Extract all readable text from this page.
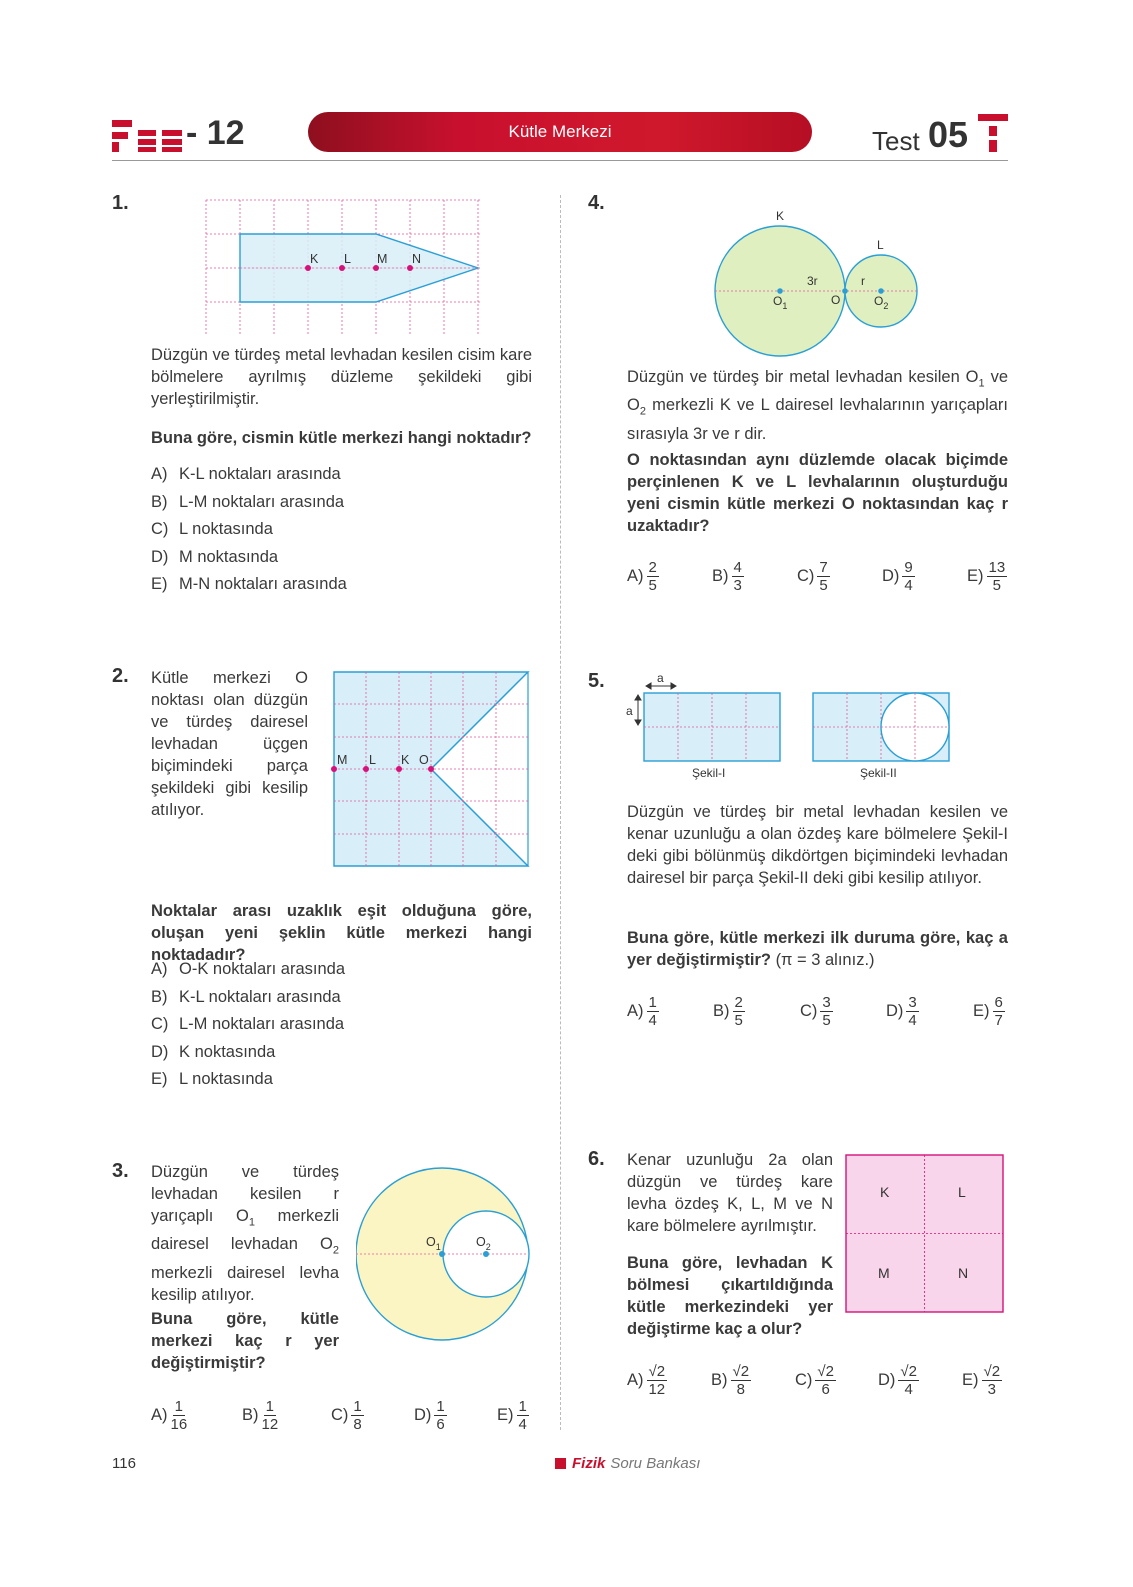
- 12	Kütle Merkezi	Test 05
1.
K L M N
Düzgün ve türdeş metal levhadan kesilen cisim kare bölmelere ayrılmış düzleme şekildeki gibi yerleştirilmiştir.
Buna göre, cismin kütle merkezi hangi noktadır?
A) K-L noktaları arasında
B) L-M noktaları arasında
C) L noktasında
D) M noktasında
E) M-N noktaları arasında
2. Kütle merkezi O noktası olan düzgün ve türdeş dairesel levhadan üçgen biçimindeki parça şekildeki gibi kesilip atılıyor.
M L K O
Noktalar arası uzaklık eşit olduğuna göre, oluşan yeni şeklin kütle merkezi hangi noktadadır?
A) O-K noktaları arasında
B) K-L noktaları arasında
C) L-M noktaları arasında
D) K noktasında
E) L noktasında
3. Düzgün ve türdeş levhadan kesilen r yarıçaplı $O_1$ merkezli dairesel levhadan $O_2$ merkezli dairesel levha kesilip atılıyor.
Buna göre, kütle merkezi kaç r yer değiştirmiştir?
$O_1$	$O_2$
A) 1
16
B) 1
12
C) 1
8
D) 1
6
E) 1
4
4.
K
L
3r	r
O
$O_1$	$O_2$
Düzgün ve türdeş bir metal levhadan kesilen $O_1$ ve $O_2$ merkezli K ve L dairesel levhalarının yarıçapları sırasıyla 3r ve r dir.
O noktasından aynı düzlemde olacak biçimde perçinlenen K ve L levhalarının oluşturduğu yeni cismin kütle merkezi O noktasından kaç r uzaktadır?
A) 2
5
B) 4
3
C) 7
5
D) 9
4
E) 13
5
5.	a
a
Şekil-I	Şekil-II
Düzgün ve türdeş bir metal levhadan kesilen ve kenar uzunluğu a olan özdeş kare bölmelere Şekil-I deki gibi bölünmüş dikdörtgen biçimindeki levhadan dairesel bir parça Şekil-II deki gibi kesilip atılıyor.
Buna göre, kütle merkezi ilk duruma göre, kaç a yer değiştirmiştir? (π = 3 alınız.)
A) 1
4
B) 2
5
C) 3
5
D) 3
4
E) 6
7
6. Kenar uzunluğu 2a olan düzgün ve türdeş kare levha özdeş K, L, M ve N kare bölmelere ayrılmıştır.
Buna göre, levhadan K bölmesi çıkartıldığında kütle merkezindeki yer değiştirme kaç a olur?
K	L
M	N
A) √2
12
B) √2
8
C) √2
6
D) √2
4
E) √2
3
116	Fizik Soru Bankası
